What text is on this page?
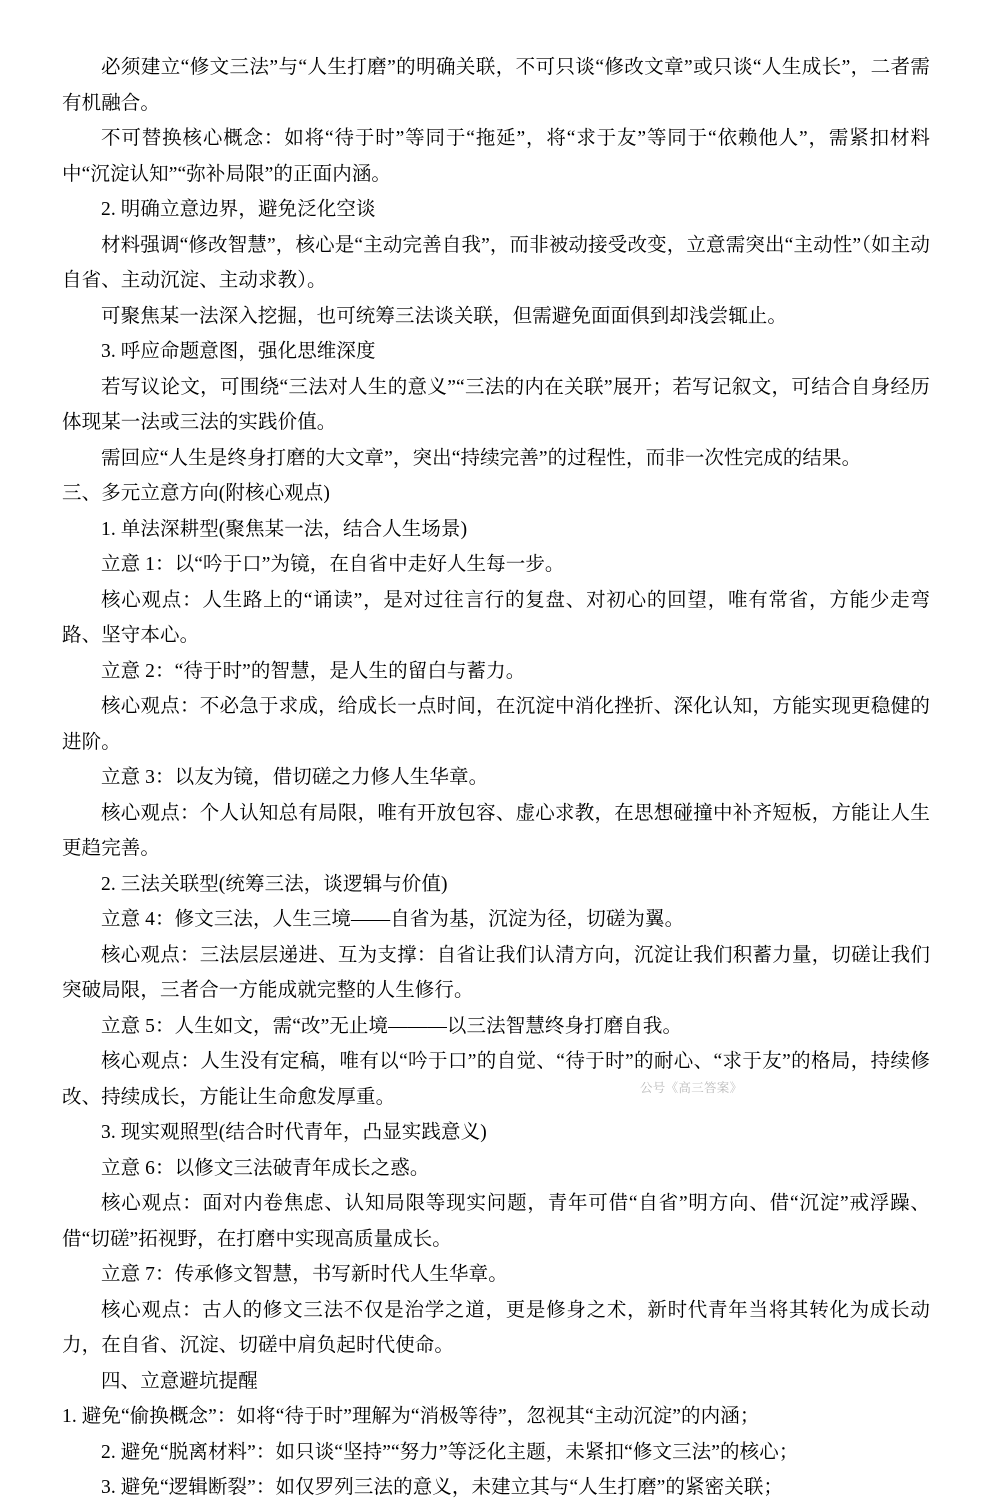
必须建立“修文三法”与“人生打磨”的明确关联，不可只谈“修改文章”或只谈“人生成长”，二者需有机融合。

不可替换核心概念：如将“待于时”等同于“拖延”，将“求于友”等同于“依赖他人”，需紧扣材料中“沉淀认知”“弥补局限”的正面内涵。

2. 明确立意边界，避免泛化空谈

材料强调“修改智慧”，核心是“主动完善自我”，而非被动接受改变，立意需突出“主动性”（如主动自省、主动沉淀、主动求教）。

可聚焦某一法深入挖掘，也可统筹三法谈关联，但需避免面面俱到却浅尝辄止。

3. 呼应命题意图，强化思维深度

若写议论文，可围绕“三法对人生的意义”“三法的内在关联”展开；若写记叙文，可结合自身经历体现某一法或三法的实践价值。

需回应“人生是终身打磨的大文章”，突出“持续完善”的过程性，而非一次性完成的结果。

三、多元立意方向(附核心观点)

1. 单法深耕型(聚焦某一法，结合人生场景)

立意 1：以“吟于口”为镜，在自省中走好人生每一步。

核心观点：人生路上的“诵读”，是对过往言行的复盘、对初心的回望，唯有常省，方能少走弯路、坚守本心。

立意 2：“待于时”的智慧，是人生的留白与蓄力。

核心观点：不必急于求成，给成长一点时间，在沉淀中消化挫折、深化认知，方能实现更稳健的进阶。

立意 3：以友为镜，借切磋之力修人生华章。

核心观点：个人认知总有局限，唯有开放包容、虚心求教，在思想碰撞中补齐短板，方能让人生更趋完善。

2. 三法关联型(统筹三法，谈逻辑与价值)

立意 4：修文三法，人生三境——自省为基，沉淀为径，切磋为翼。

核心观点：三法层层递进、互为支撑：自省让我们认清方向，沉淀让我们积蓄力量，切磋让我们突破局限，三者合一方能成就完整的人生修行。

立意 5：人生如文，需“改”无止境———以三法智慧终身打磨自我。

核心观点：人生没有定稿，唯有以“吟于口”的自觉、“待于时”的耐心、“求于友”的格局，持续修改、持续成长，方能让生命愈发厚重。

3. 现实观照型(结合时代青年，凸显实践意义)

立意 6：以修文三法破青年成长之惑。

核心观点：面对内卷焦虑、认知局限等现实问题，青年可借“自省”明方向、借“沉淀”戒浮躁、借“切磋”拓视野，在打磨中实现高质量成长。

立意 7：传承修文智慧，书写新时代人生华章。

核心观点：古人的修文三法不仅是治学之道，更是修身之术，新时代青年当将其转化为成长动力，在自省、沉淀、切磋中肩负起时代使命。

四、立意避坑提醒

1. 避免“偷换概念”：如将“待于时”理解为“消极等待”，忽视其“主动沉淀”的内涵；

2. 避免“脱离材料”：如只谈“坚持”“努力”等泛化主题，未紧扣“修文三法”的核心；

3. 避免“逻辑断裂”：如仅罗列三法的意义，未建立其与“人生打磨”的紧密关联；

公号《高三答案》
